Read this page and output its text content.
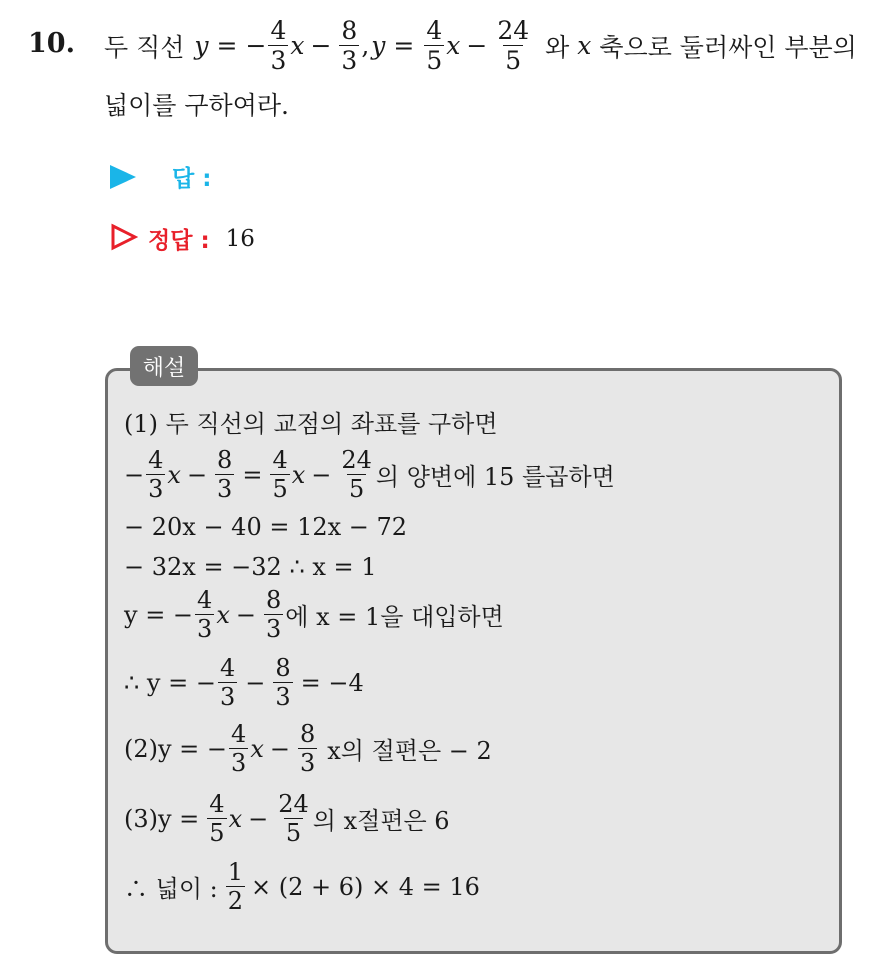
10. 두 직선 y = − $\frac{4}{3}$ $x - \frac{8}{3}$ , $y = \frac{4}{5}$ $x - \frac{24}{5}$ 와 x 축으로 둘러싸인 부분의
넓이를 구하여라.
답 :
정답 : 16
해설
(1) 두 직선의 교점의 좌표를 구하면
− $\frac{4}{3}$ $x - \frac{8}{3} = \frac{4}{5}$ $x - \frac{24}{5}$ 의 양변에 15 를곱하면
− 20x − 40 = 12x − 72
− 32x = −32 ∴ x = 1
y = − $\frac{4}{3}$ $x - \frac{8}{3}$ 에 x = 1을 대입하면
∴ y = − $\frac{4}{3} - \frac{8}{3} = -4$
(2)y = − $\frac{4}{3}$ $x - \frac{8}{3}$ x의 절편은 − 2
$(3)y = \frac{4}{5}$ $x - \frac{24}{5}$ 의 x절편은 6
∴ 넓이 : $\frac{1}{2} \times (2 + 6) \times 4 = 16$
